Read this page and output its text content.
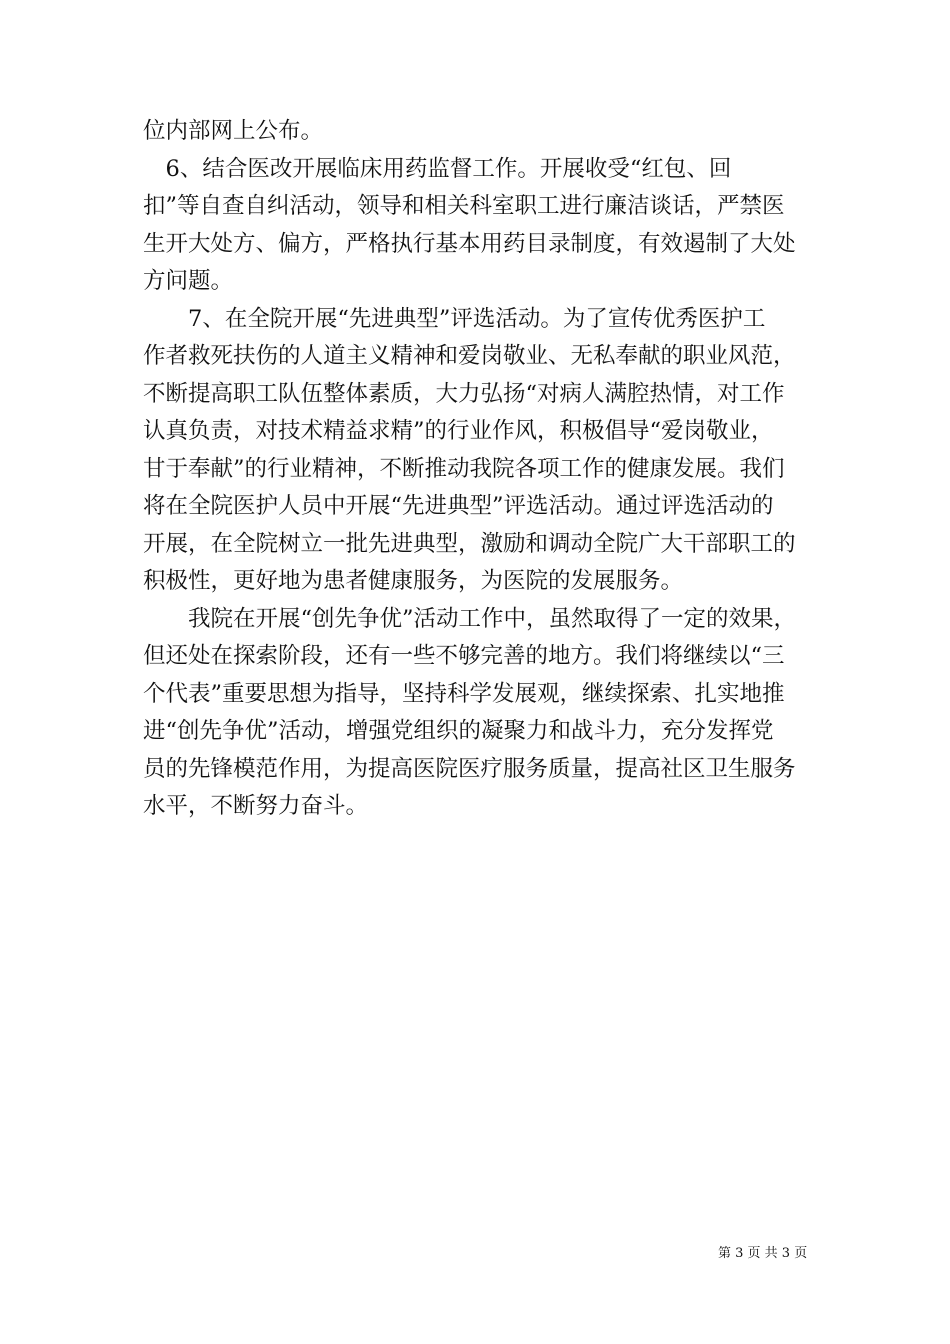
位内部网上公布。
　6、结合医改开展临床用药监督工作。开展收受“红包、回
扣”等自查自纠活动，领导和相关科室职工进行廉洁谈话，严禁医
生开大处方、偏方，严格执行基本用药目录制度，有效遏制了大处
方问题。
　　7、在全院开展“先进典型”评选活动。为了宣传优秀医护工
作者救死扶伤的人道主义精神和爱岗敬业、无私奉献的职业风范，
不断提高职工队伍整体素质，大力弘扬“对病人满腔热情，对工作
认真负责，对技术精益求精”的行业作风，积极倡导“爱岗敬业，
甘于奉献”的行业精神，不断推动我院各项工作的健康发展。我们
将在全院医护人员中开展“先进典型”评选活动。通过评选活动的
开展，在全院树立一批先进典型，激励和调动全院广大干部职工的
积极性，更好地为患者健康服务，为医院的发展服务。
　　我院在开展“创先争优”活动工作中，虽然取得了一定的效果，
但还处在探索阶段，还有一些不够完善的地方。我们将继续以“三
个代表”重要思想为指导，坚持科学发展观，继续探索、扎实地推
进“创先争优”活动，增强党组织的凝聚力和战斗力，充分发挥党
员的先锋模范作用，为提高医院医疗服务质量，提高社区卫生服务
水平，不断努力奋斗。
第 3 页 共 3 页
